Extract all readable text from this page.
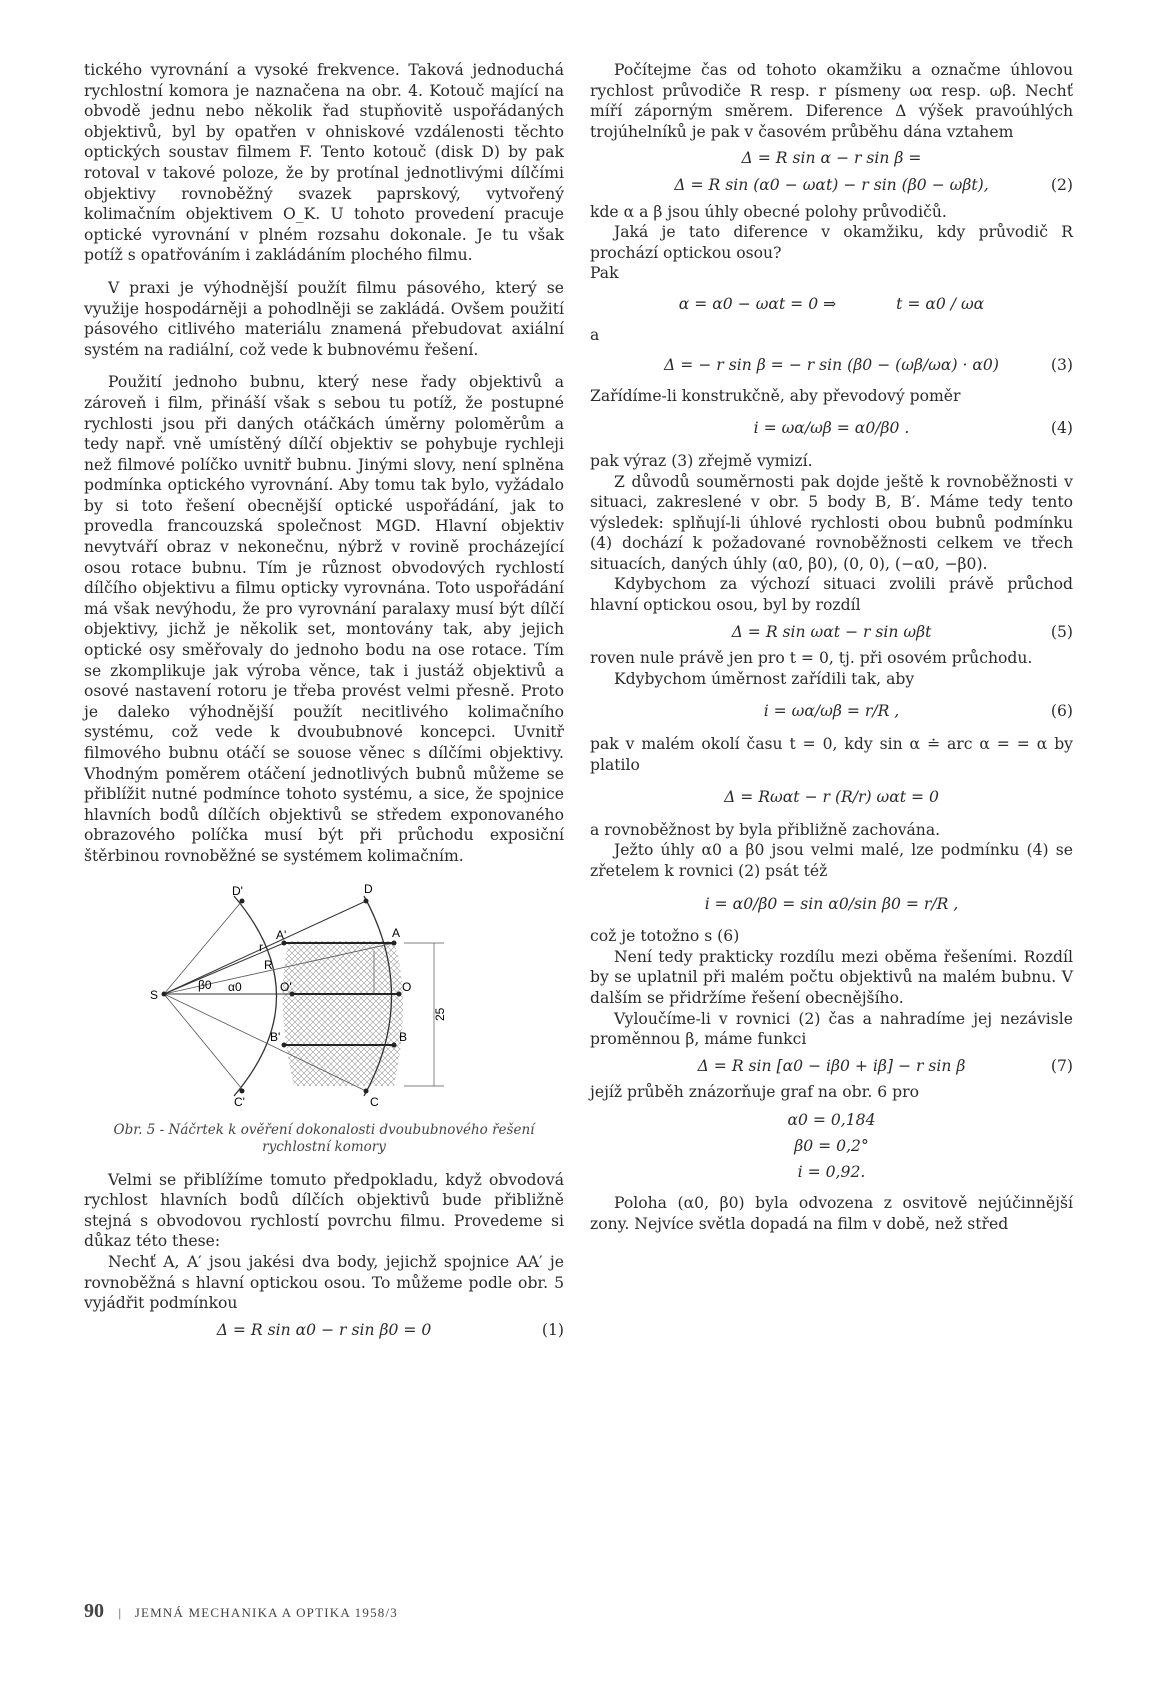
tického vyrovnání a vysoké frekvence. Taková jednoduchá rychlostní komora je naznačena na obr. 4. Kotouč mající na obvodě jednu nebo několik řad stupňovitě uspořádaných objektivů, byl by opatřen v ohniskové vzdálenosti těchto optických soustav filmem F. Tento kotouč (disk D) by pak rotoval v takové poloze, že by protínal jednotlivými dílčími objektivy rovnoběžný svazek paprskový, vytvořený kolimačním objektivem O_K. U tohoto provedení pracuje optické vyrovnání v plném rozsahu dokonale. Je tu však potíž s opatřováním i zakládáním plochého filmu.

V praxi je výhodnější použít filmu pásového, který se využije hospodárněji a pohodlněji se zakládá. Ovšem použití pásového citlivého materiálu znamená přebudovat axiální systém na radiální, což vede k bubnovému řešení.

Použití jednoho bubnu, který nese řady objektivů a zároveň i film, přináší však s sebou tu potíž, že postupné rychlosti jsou při daných otáčkách úměrny poloměrům a tedy např. vně umístěný dílčí objektiv se pohybuje rychleji než filmové políčko uvnitř bubnu. Jinými slovy, není splněna podmínka optického vyrovnání. Aby tomu tak bylo, vyžádalo by si toto řešení obecnější optické uspořádání, jak to provedla francouzská společnost MGD. Hlavní objektiv nevytváří obraz v nekonečnu, nýbrž v rovině procházející osou rotace bubnu. Tím je různost obvodových rychlostí dílčího objektivu a filmu opticky vyrovnána. Toto uspořádání má však nevýhodu, že pro vyrovnání paralaxy musí být dílčí objektivy, jichž je několik set, montovány tak, aby jejich optické osy směřovaly do jednoho bodu na ose rotace. Tím se zkomplikuje jak výroba věnce, tak i justáž objektivů a osové nastavení rotoru je třeba provést velmi přesně. Proto je daleko výhodnější použít necitlivého kolimačního systému, což vede k dvoububnové koncepci. Uvnitř filmového bubnu otáčí se souose věnec s dílčími objektivy. Vhodným poměrem otáčení jednotlivých bubnů můžeme se přiblížit nutné podmínce tohoto systému, a sice, že spojnice hlavních bodů dílčích objektivů se středem exponovaného obrazového políčka musí být při průchodu exposiční štěrbinou rovnoběžné se systémem kolimačním.

S
D'	D
A'	A
R
r
O'	O
β0 α0
B'	B
C'	C
25
Obr. 5 - Náčrtek k ověření dokonalosti dvoububnového řešení rychlostní komory

Velmi se přiblížíme tomuto předpokladu, když obvodová rychlost hlavních bodů dílčích objektivů bude přibližně stejná s obvodovou rychlostí povrchu filmu. Provedeme si důkaz této these:

Nechť A, A′ jsou jakési dva body, jejichž spojnice AA′ je rovnoběžná s hlavní optickou osou. To můžeme podle obr. 5 vyjádřit podmínkou

Δ = R sin α0 − r sin β0 = 0	(1)

Počítejme čas od tohoto okamžiku a označme úhlovou rychlost průvodiče R resp. r písmeny ωα resp. ωβ. Nechť míří záporným směrem. Diference Δ výšek pravoúhlých trojúhelníků je pak v časovém průběhu dána vztahem

Δ = R sin α − r sin β =
Δ = R sin (α0 − ωαt) − r sin (β0 − ωβt),	(2)

kde α a β jsou úhly obecné polohy průvodičů.

Jaká je tato diference v okamžiku, kdy průvodič R prochází optickou osou?

Pak

α = α0 − ωαt = 0 ⇒	t = α0 / ωα

a

Δ = − r sin β = − r sin (β0 − (ωβ/ωα) · α0)	(3)

Zařídíme-li konstrukčně, aby převodový poměr

i = ωα/ωβ = α0/β0 .	(4)

pak výraz (3) zřejmě vymizí.

Z důvodů souměrnosti pak dojde ještě k rovnoběžnosti v situaci, zakreslené v obr. 5 body B, B′. Máme tedy tento výsledek: splňují-li úhlové rychlosti obou bubnů podmínku (4) dochází k požadované rovnoběžnosti celkem ve třech situacích, daných úhly (α0, β0), (0, 0), (−α0, −β0).

Kdybychom za výchozí situaci zvolili právě průchod hlavní optickou osou, byl by rozdíl

Δ = R sin ωαt − r sin ωβt	(5)

roven nule právě jen pro t = 0, tj. při osovém průchodu.

Kdybychom úměrnost zařídili tak, aby

i = ωα/ωβ = r/R ,	(6)

pak v malém okolí času t = 0, kdy sin α ≐ arc α = = α by platilo

Δ = Rωαt − r (R/r) ωαt = 0

a rovnoběžnost by byla přibližně zachována.

Ježto úhly α0 a β0 jsou velmi malé, lze podmínku (4) se zřetelem k rovnici (2) psát též

i = α0/β0 = sin α0/sin β0 = r/R ,

což je totožno s (6)

Není tedy prakticky rozdílu mezi oběma řešeními. Rozdíl by se uplatnil při malém počtu objektivů na malém bubnu. V dalším se přidržíme řešení obecnějšího.

Vyloučíme-li v rovnici (2) čas a nahradíme jej nezávisle proměnnou β, máme funkci

Δ = R sin [α0 − iβ0 + iβ] − r sin β	(7)

jejíž průběh znázorňuje graf na obr. 6 pro

α0 = 0,184
β0 = 0,2°
i = 0,92.

Poloha (α0, β0) byla odvozena z osvitově nejúčinnější zony. Nejvíce světla dopadá na film v době, než střed

90 | JEMNÁ MECHANIKA A OPTIKA 1958/3
